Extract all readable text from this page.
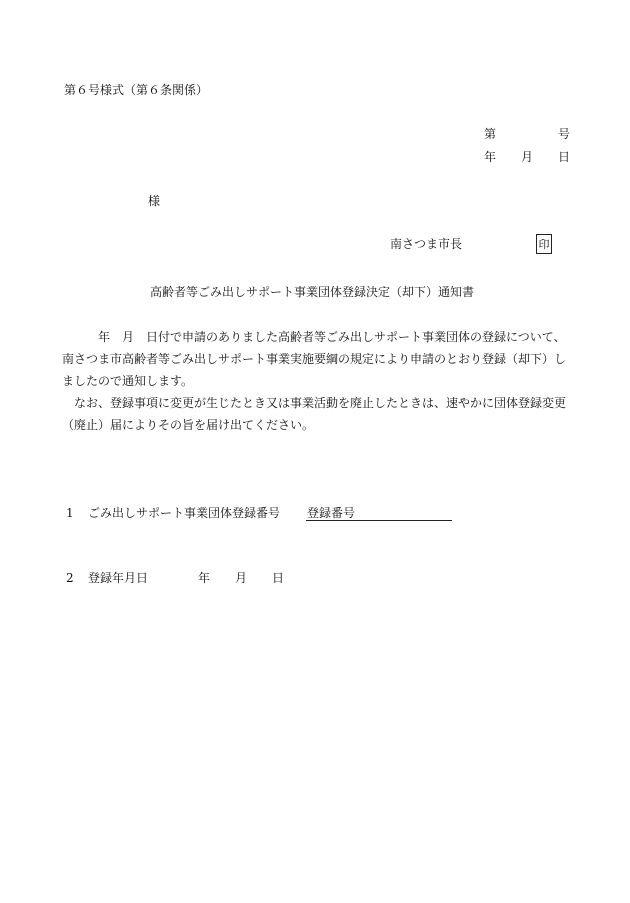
第６号様式（第６条関係）
第	号
年 月 日
様
南さつま市長	印
高齢者等ごみ出しサポート事業団体登録決定（却下）通知書
　　　年　月　日付で申請のありました高齢者等ごみ出しサポート事業団体の登録について、
南さつま市高齢者等ごみ出しサポート事業実施要綱の規定により申請のとおり登録（却下）し
ましたので通知します。
　なお、登録事項に変更が生じたとき又は事業活動を廃止したときは、速やかに団体登録変更
（廃止）届によりその旨を届け出てください。
1 ごみ出しサポート事業団体登録番号 登録番号
2 登録年月日	年 月 日
